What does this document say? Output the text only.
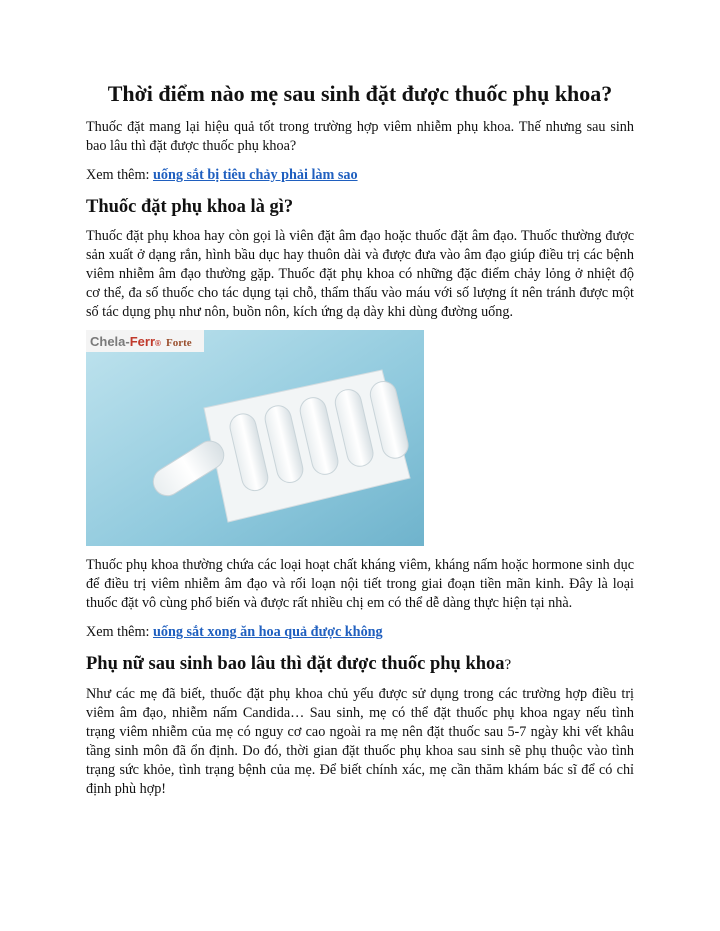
Thời điểm nào mẹ sau sinh đặt được thuốc phụ khoa?

Thuốc đặt mang lại hiệu quả tốt trong trường hợp viêm nhiễm phụ khoa. Thế nhưng sau sinh bao lâu thì đặt được thuốc phụ khoa?

Xem thêm: uống sắt bị tiêu chảy phải làm sao

Thuốc đặt phụ khoa là gì?

Thuốc đặt phụ khoa hay còn gọi là viên đặt âm đạo hoặc thuốc đặt âm đạo. Thuốc thường được sản xuất ở dạng rắn, hình bầu dục hay thuôn dài và được đưa vào âm đạo giúp điều trị các bệnh viêm nhiễm âm đạo thường gặp. Thuốc đặt phụ khoa có những đặc điểm chảy lỏng ở nhiệt độ cơ thể, đa số thuốc cho tác dụng tại chỗ, thẩm thấu vào máu với số lượng ít nên tránh được một số tác dụng phụ như nôn, buồn nôn, kích ứng dạ dày khi dùng đường uống.

Chela-Ferr® Forte

Thuốc phụ khoa thường chứa các loại hoạt chất kháng viêm, kháng nấm hoặc hormone sinh dục để điều trị viêm nhiễm âm đạo và rối loạn nội tiết trong giai đoạn tiền mãn kinh. Đây là loại thuốc đặt vô cùng phổ biến và được rất nhiều chị em có thể dễ dàng thực hiện tại nhà.

Xem thêm: uống sắt xong ăn hoa quả được không

Phụ nữ sau sinh bao lâu thì đặt được thuốc phụ khoa?

Như các mẹ đã biết, thuốc đặt phụ khoa chủ yếu được sử dụng trong các trường hợp điều trị viêm âm đạo, nhiễm nấm Candida… Sau sinh, mẹ có thể đặt thuốc phụ khoa ngay nếu tình trạng viêm nhiễm của mẹ có nguy cơ cao ngoài ra mẹ nên đặt thuốc sau 5-7 ngày khi vết khâu tầng sinh môn đã ổn định. Do đó, thời gian đặt thuốc phụ khoa sau sinh sẽ phụ thuộc vào tình trạng sức khỏe, tình trạng bệnh của mẹ. Để biết chính xác, mẹ cần thăm khám bác sĩ để có chỉ định phù hợp!
